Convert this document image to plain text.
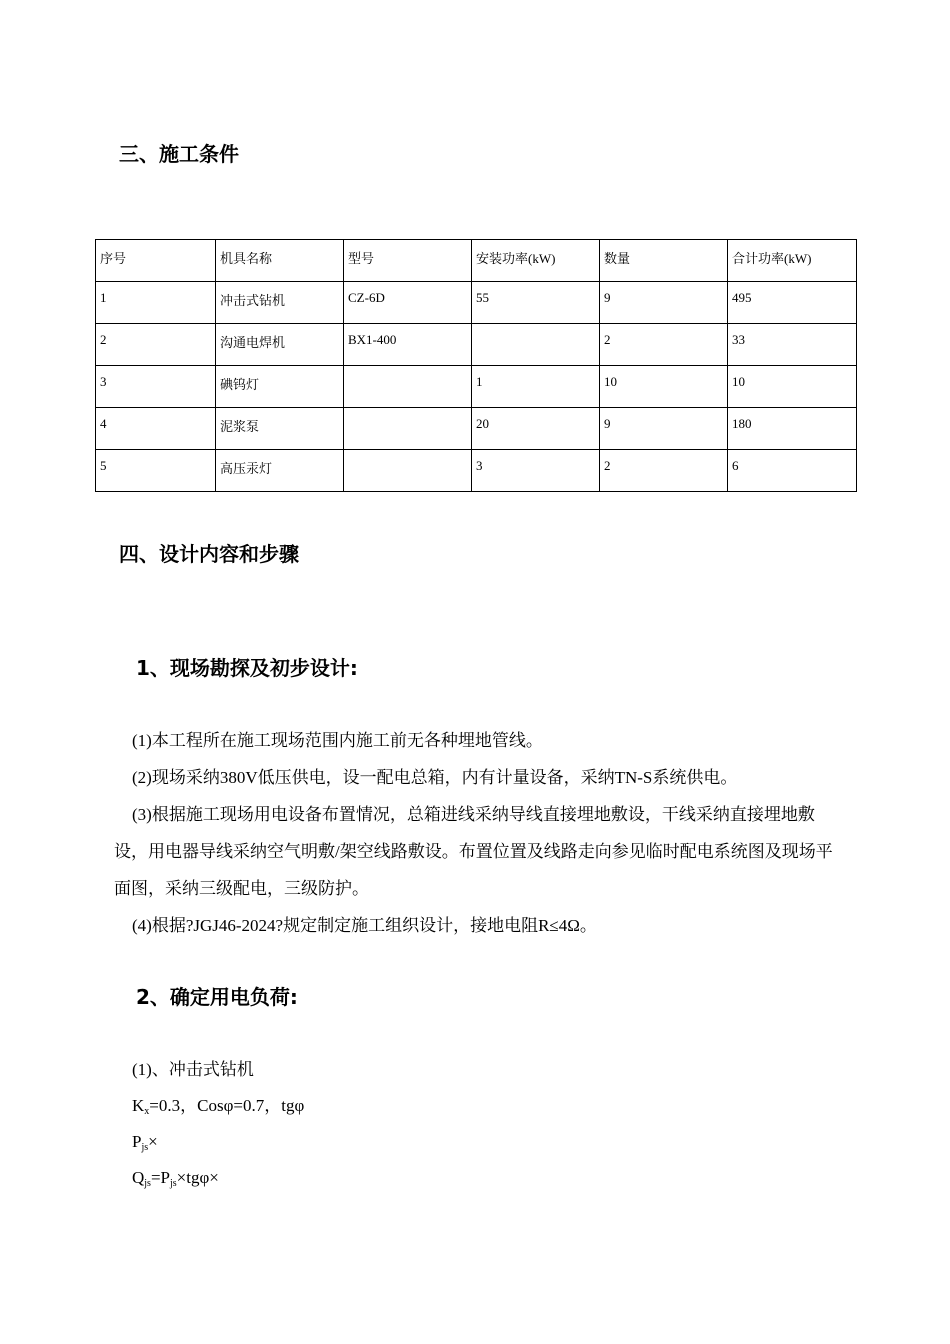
三、施工条件
序号	机具名称	型号	安装功率(kW)	数量	合计功率(kW)
1	冲击式钻机	CZ-6D	55	9	495
2	沟通电焊机	BX1-400		2	33
3	碘钨灯		1	10	10
4	泥浆泵		20	9	180
5	高压汞灯		3	2	6
四、设计内容和步骤
1、现场勘探及初步设计:

(1)本工程所在施工现场范围内施工前无各种埋地管线。

(2)现场采纳380V低压供电，设一配电总箱，内有计量设备，采纳TN-S系统供电。

(3)根据施工现场用电设备布置情况，总箱进线采纳导线直接埋地敷设，干线采纳直接埋地敷设，用电器导线采纳空气明敷/架空线路敷设。布置位置及线路走向参见临时配电系统图及现场平面图，采纳三级配电，三级防护。

(4)根据?JGJ46-2024?规定制定施工组织设计，接地电阻R≤4Ω。

2、确定用电负荷:

(1)、冲击式钻机

$K_x=0.3$，Cosφ=0.7，tgφ

$P_{js}\times$

$Q_{js}=P_{js}\times tg\varphi\times$
